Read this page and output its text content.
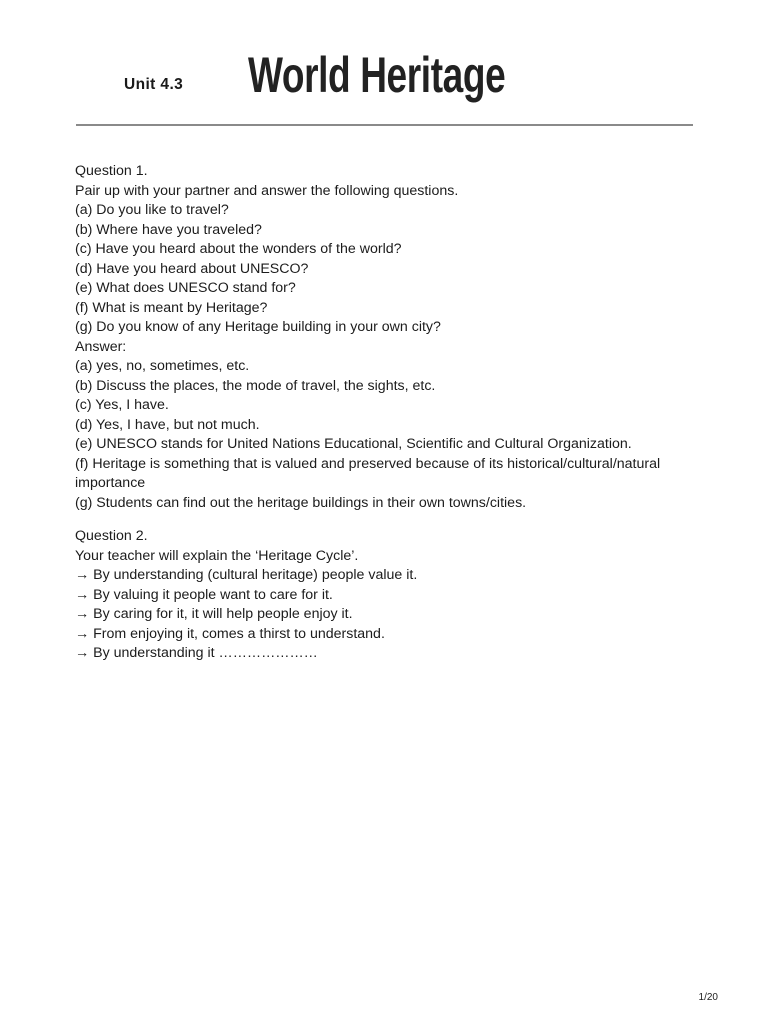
Unit 4.3 World Heritage

Question 1.

Pair up with your partner and answer the following questions.

(a) Do you like to travel?

(b) Where have you traveled?

(c) Have you heard about the wonders of the world?

(d) Have you heard about UNESCO?

(e) What does UNESCO stand for?

(f) What is meant by Heritage?

(g) Do you know of any Heritage building in your own city?

Answer:

(a) yes, no, sometimes, etc.

(b) Discuss the places, the mode of travel, the sights, etc.

(c) Yes, I have.

(d) Yes, I have, but not much.

(e) UNESCO stands for United Nations Educational, Scientific and Cultural Organization.

(f) Heritage is something that is valued and preserved because of its historical/cultural/natural importance

(g) Students can find out the heritage buildings in their own towns/cities.

Question 2.

Your teacher will explain the ‘Heritage Cycle’.

→ By understanding (cultural heritage) people value it.

→ By valuing it people want to care for it.

→ By caring for it, it will help people enjoy it.

→ From enjoying it, comes a thirst to understand.

→ By understanding it …………………

1/20
